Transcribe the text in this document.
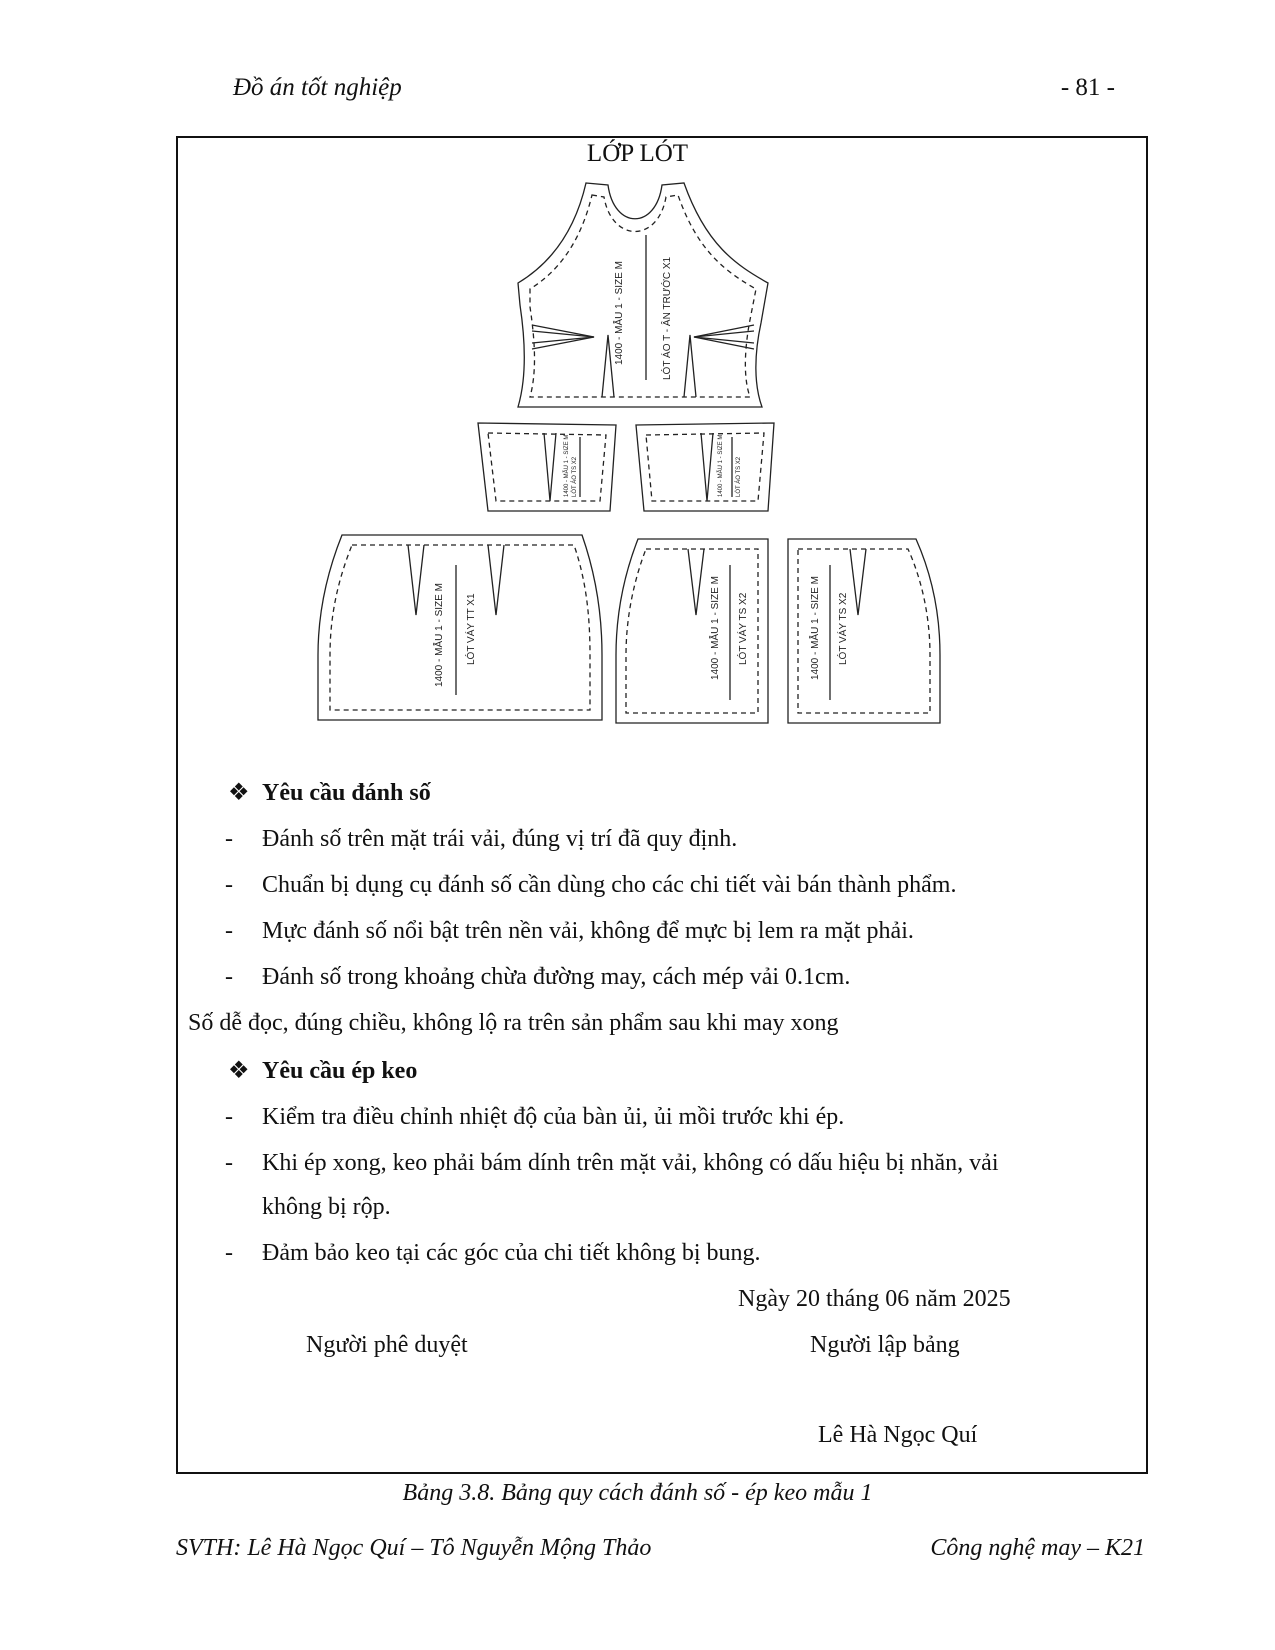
Đồ án tốt nghiệp	- 81 -
LỚP LÓT
1400 - MẪU 1 - SIZE M	LÓT ÁO T - ÂN TRƯỚC X1
1400 - MẪU 1 - SIZE M LÓT ÁO TS X2	1400 - MẪU 1 - SIZE M LÓT ÁO TS X2
1400 - MẪU 1 - SIZE M LÓT VÁY TT X1	1400 - MẪU 1 - SIZE M LÓT VÁY TS X2	1400 - MẪU 1 - SIZE M LÓT VÁY TS X2
❖ Yêu cầu đánh số
- Đánh số trên mặt trái vải, đúng vị trí đã quy định.
- Chuẩn bị dụng cụ đánh số cần dùng cho các chi tiết vài bán thành phẩm.
- Mực đánh số nổi bật trên nền vải, không để mực bị lem ra mặt phải.
- Đánh số trong khoảng chừa đường may, cách mép vải 0.1cm.
Số dễ đọc, đúng chiều, không lộ ra trên sản phẩm sau khi may xong
❖ Yêu cầu ép keo
- Kiểm tra điều chỉnh nhiệt độ của bàn ủi, ủi mồi trước khi ép.
- Khi ép xong, keo phải bám dính trên mặt vải, không có dấu hiệu bị nhăn, vải
không bị rộp.
- Đảm bảo keo tại các góc của chi tiết không bị bung.
Ngày 20 tháng 06 năm 2025
Người phê duyệt	Người lập bảng
Lê Hà Ngọc Quí
Bảng 3.8. Bảng quy cách đánh số - ép keo mẫu 1
SVTH: Lê Hà Ngọc Quí – Tô Nguyễn Mộng Thảo	Công nghệ may – K21
